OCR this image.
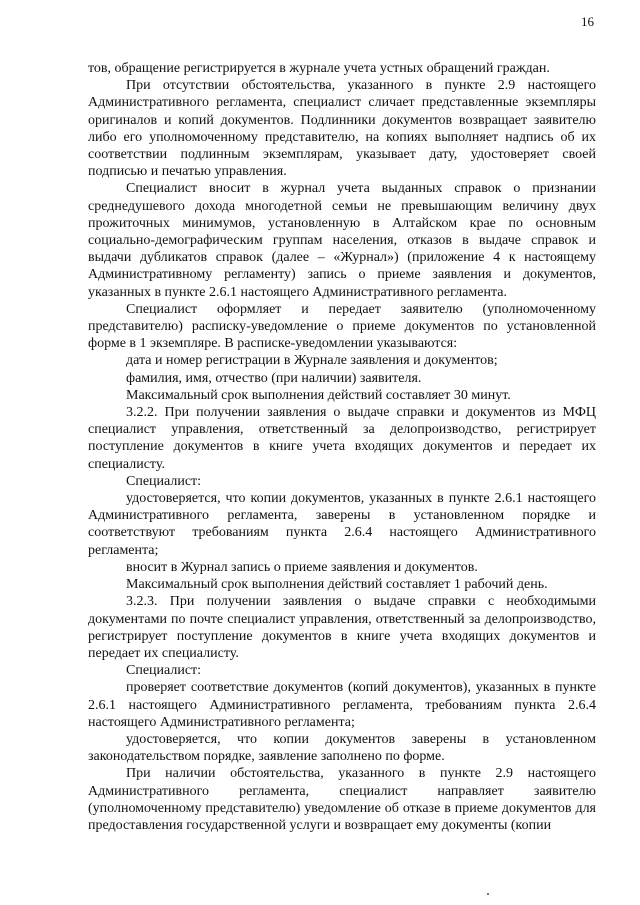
16

тов, обращение регистрируется в журнале учета устных обращений граждан.

При отсутствии обстоятельства, указанного в пункте 2.9 настоящего Административного регламента, специалист сличает представленные экземпляры оригиналов и копий документов. Подлинники документов возвращает заявителю либо его уполномоченному представителю, на копиях выполняет надпись об их соответствии подлинным экземплярам, указывает дату, удостоверяет своей подписью и печатью управления.

Специалист вносит в журнал учета выданных справок о признании среднедушевого дохода многодетной семьи не превышающим величину двух прожиточных минимумов, установленную в Алтайском крае по основным социально-демографическим группам населения, отказов в выдаче справок и выдачи дубликатов справок (далее – «Журнал») (приложение 4 к настоящему Административному регламенту) запись о приеме заявления и документов, указанных в пункте 2.6.1 настоящего Административного регламента.

Специалист оформляет и передает заявителю (уполномоченному представителю) расписку-уведомление о приеме документов по установленной форме в 1 экземпляре. В расписке-уведомлении указываются:

дата и номер регистрации в Журнале заявления и документов;

фамилия, имя, отчество (при наличии) заявителя.

Максимальный срок выполнения действий составляет 30 минут.

3.2.2. При получении заявления о выдаче справки и документов из МФЦ специалист управления, ответственный за делопроизводство, регистрирует поступление документов в книге учета входящих документов и передает их специалисту.

Специалист:

удостоверяется, что копии документов, указанных в пункте 2.6.1 настоящего Административного регламента, заверены в установленном порядке и соответствуют требованиям пункта 2.6.4 настоящего Административного регламента;

вносит в Журнал запись о приеме заявления и документов.

Максимальный срок выполнения действий составляет 1 рабочий день.

3.2.3. При получении заявления о выдаче справки с необходимыми документами по почте специалист управления, ответственный за делопроизводство, регистрирует поступление документов в книге учета входящих документов и передает их специалисту.

Специалист:

проверяет соответствие документов (копий документов), указанных в пункте 2.6.1 настоящего Административного регламента, требованиям пункта 2.6.4 настоящего Административного регламента;

удостоверяется, что копии документов заверены в установленном законодательством порядке, заявление заполнено по форме.

При наличии обстоятельства, указанного в пункте 2.9 настоящего Административного регламента, специалист направляет заявителю (уполномоченному представителю) уведомление об отказе в приеме документов для предоставления государственной услуги и возвращает ему документы (копии
